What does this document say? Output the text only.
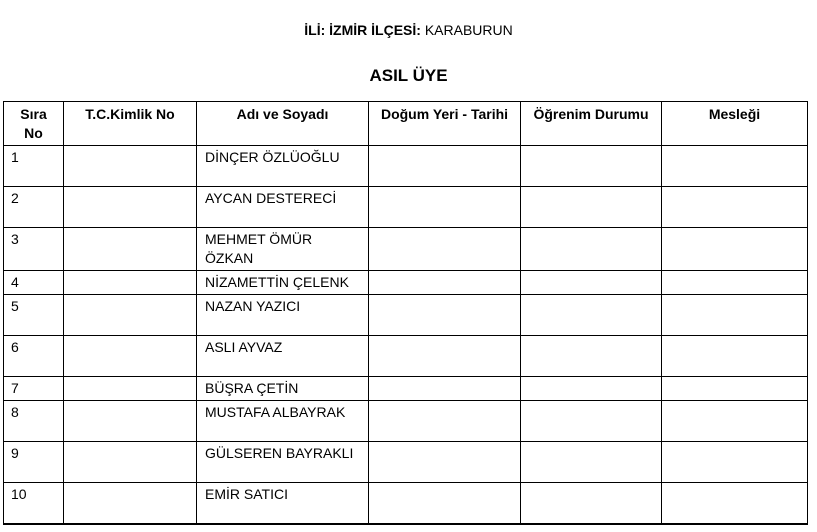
İLİ: İZMİR İLÇESİ: KARABURUN
ASIL ÜYE
Sıra
No	T.C.Kimlik No	Adı ve Soyadı	Doğum Yeri - Tarihi	Öğrenim Durumu	Mesleği
1		DİNÇER ÖZLÜOĞLU			
2		AYCAN DESTERECİ			
3		MEHMET ÖMÜR ÖZKAN			
4		NİZAMETTİN ÇELENK			
5		NAZAN YAZICI			
6		ASLI AYVAZ			
7		BÜŞRA ÇETİN			
8		MUSTAFA ALBAYRAK			
9		GÜLSEREN BAYRAKLI			
10		EMİR SATICI			
